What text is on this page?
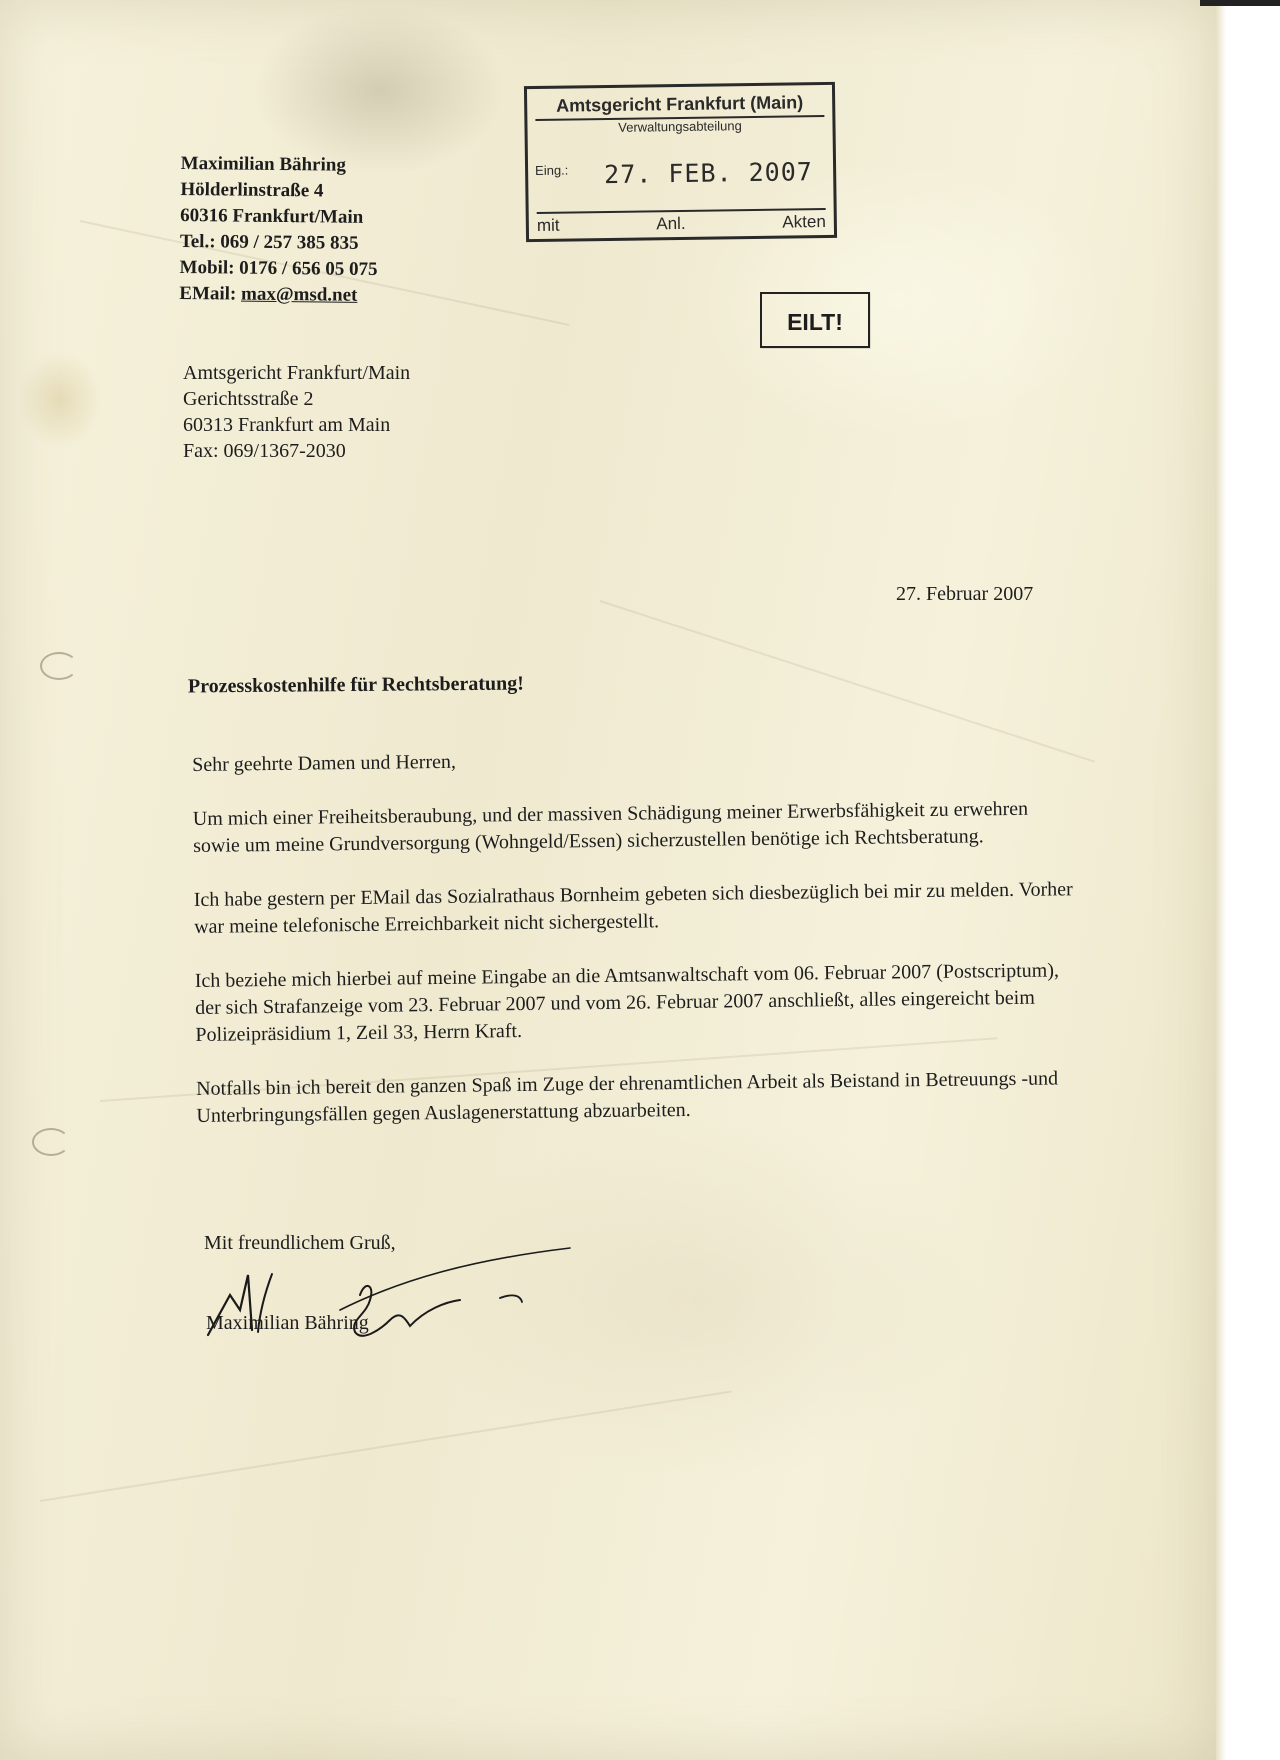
Maximilian Bähring
Hölderlinstraße 4
60316 Frankfurt/Main
Tel.: 069 / 257 385 835
Mobil: 0176 / 656 05 075
EMail: max@msd.net
Amtsgericht Frankfurt (Main)
Verwaltungsabteilung
Eing.: 27. FEB. 2007
mit	Anl.	Akten
EILT!
Amtsgericht Frankfurt/Main
Gerichtsstraße 2
60313 Frankfurt am Main
Fax: 069/1367-2030
27. Februar 2007
Prozesskostenhilfe für Rechtsberatung!

Sehr geehrte Damen und Herren,

Um mich einer Freiheitsberaubung, und der massiven Schädigung meiner Erwerbsfähigkeit zu erwehren sowie um meine Grundversorgung (Wohngeld/Essen) sicherzustellen benötige ich Rechtsberatung.

Ich habe gestern per EMail das Sozialrathaus Bornheim gebeten sich diesbezüglich bei mir zu melden. Vorher war meine telefonische Erreichbarkeit nicht sichergestellt.

Ich beziehe mich hierbei auf meine Eingabe an die Amtsanwaltschaft vom 06. Februar 2007 (Postscriptum), der sich Strafanzeige vom 23. Februar 2007 und vom 26. Februar 2007 anschließt, alles eingereicht beim Polizeipräsidium 1, Zeil 33, Herrn Kraft.

Notfalls bin ich bereit den ganzen Spaß im Zuge der ehrenamtlichen Arbeit als Beistand in Betreuungs -und Unterbringungsfällen gegen Auslagenerstattung abzuarbeiten.

Mit freundlichem Gruß,
Maximilian Bähring
